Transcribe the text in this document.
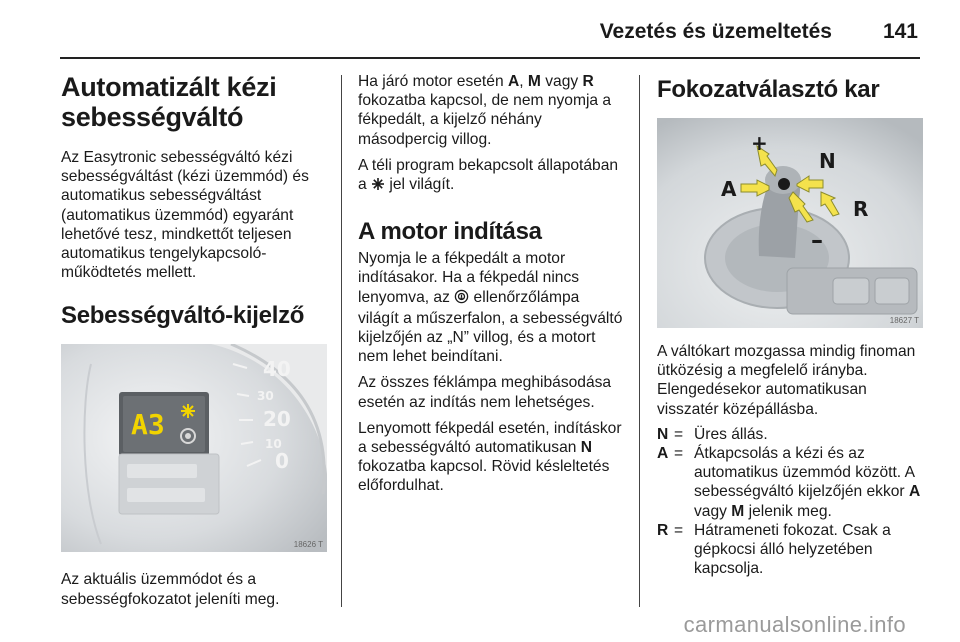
Vezetés és üzemeltetés 141
Automatizált kézi sebességváltó

Az Easytronic sebességváltó kézi sebességváltást (kézi üzemmód) és automatikus sebességváltást (automatikus üzemmód) egyaránt lehetővé tesz, mindkettőt teljesen automatikus tengelykapcsoló-működtetés mellett.

Sebességváltó-kijelző
A3
40
30
20
10
0
18626 T

Az aktuális üzemmódot és a sebességfokozatot jeleníti meg.

Ha járó motor esetén A, M vagy R fokozatba kapcsol, de nem nyomja a fékpedált, a kijelző néhány másodpercig villog.

A téli program bekapcsolt állapotában a  jel világít.

A motor indítása

Nyomja le a fékpedált a motor indításakor. Ha a fékpedál nincs lenyomva, az  ellenőrzőlámpa világít a műszerfalon, a sebességváltó kijelzőjén az „N” villog, és a motort nem lehet beindítani.

Az összes féklámpa meghibásodása esetén az indítás nem lehetséges.

Lenyomott fékpedál esetén, indításkor a sebességváltó automatikusan N fokozatba kapcsol. Rövid késleltetés előfordulhat.

Fokozatválasztó kar
+
–
A
N
R
18627 T

A váltókart mozgassa mindig finoman ütközésig a megfelelő irányba. Elengedésekor automatikusan visszatér középállásba.

N = Üres állás.
A = Átkapcsolás a kézi és az automatikus üzemmód között. A sebességváltó kijelzőjén ekkor A vagy M jelenik meg.
R = Hátrameneti fokozat. Csak a gépkocsi álló helyzetében kapcsolja.
carmanualsonline.info
